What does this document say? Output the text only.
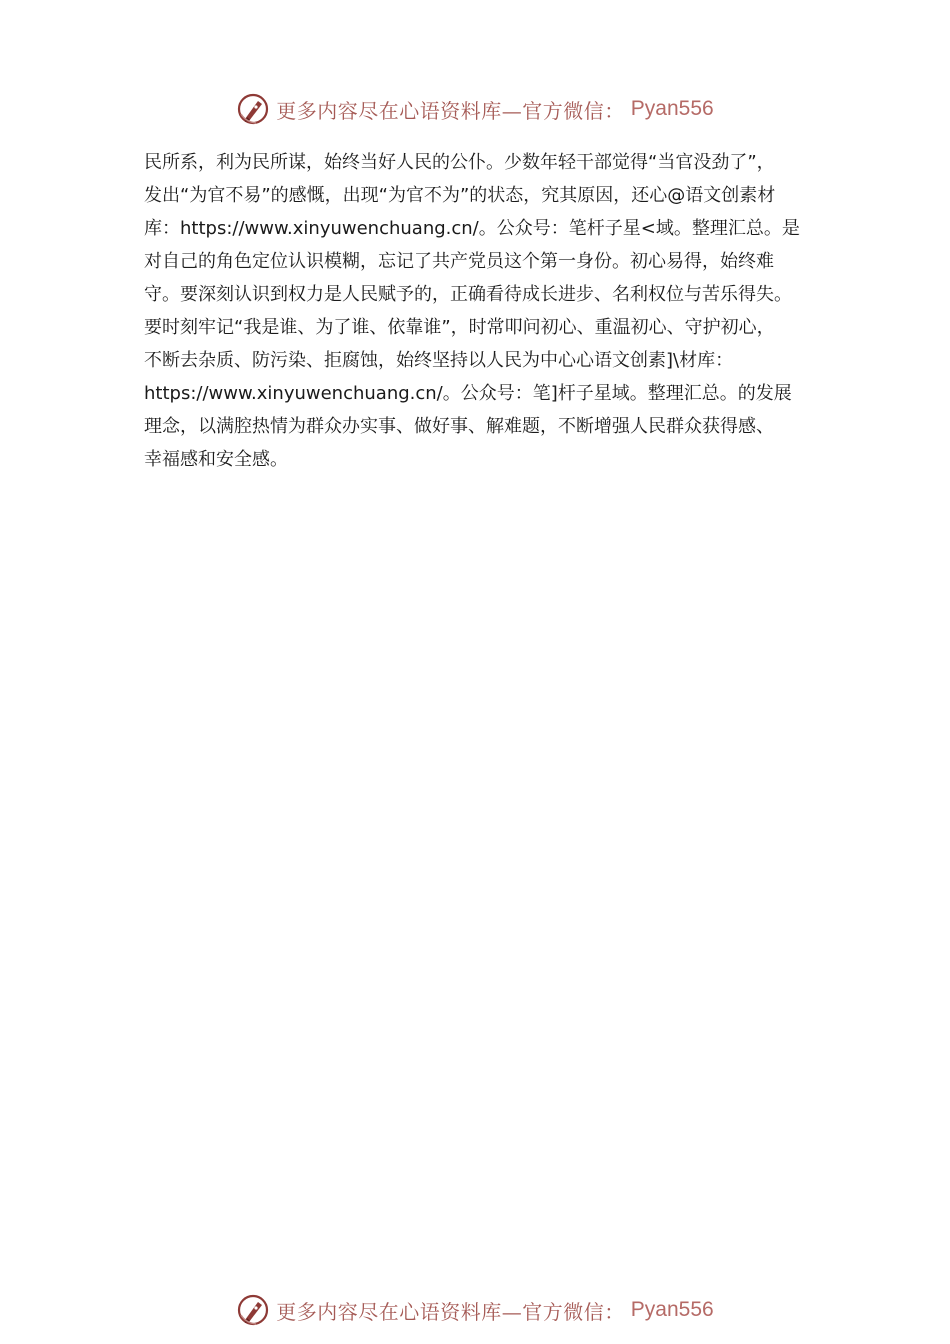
更多内容尽在心语资料库—官方微信： Pyan556
民所系，利为民所谋，始终当好人民的公仆。少数年轻干部觉得“当官没劲了”，
发出“为官不易”的感慨，出现“为官不为”的状态，究其原因，还心@语文创素材
库：https://www.xinyuwenchuang.cn/。公众号：笔杆子星<域。整理汇总。是
对自己的角色定位认识模糊，忘记了共产党员这个第一身份。初心易得，始终难
守。要深刻认识到权力是人民赋予的，正确看待成长进步、名利权位与苦乐得失。
要时刻牢记“我是谁、为了谁、依靠谁”，时常叩问初心、重温初心、守护初心，
不断去杂质、防污染、拒腐蚀，始终坚持以人民为中心心语文创素]\材库：
https://www.xinyuwenchuang.cn/。公众号：笔]杆子星域。整理汇总。的发展
理念，以满腔热情为群众办实事、做好事、解难题，不断增强人民群众获得感、
幸福感和安全感。
更多内容尽在心语资料库—官方微信： Pyan556
